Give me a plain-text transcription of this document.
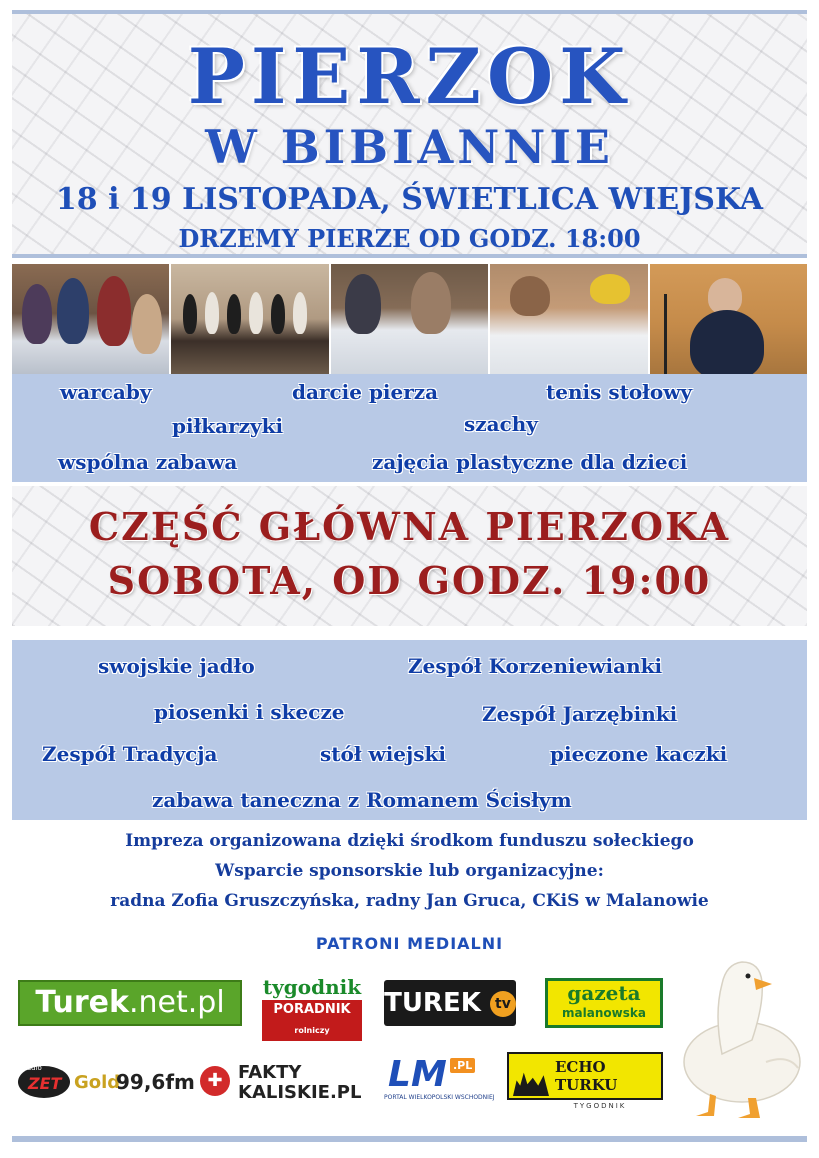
PIERZOK
W BIBIANNIE
18 i 19 LISTOPADA, ŚWIETLICA WIEJSKA
DRZEMY PIERZE OD GODZ. 18:00
warcaby	darcie pierza	tenis stołowy
piłkarzyki	szachy
wspólna zabawa	zajęcia plastyczne dla dzieci
CZĘŚĆ GŁÓWNA PIERZOKA
SOBOTA, OD GODZ. 19:00
swojskie jadło	Zespół Korzeniewianki
piosenki i skecze	Zespół Jarzębinki
Zespół Tradycja	stół wiejski	pieczone kaczki
zabawa taneczna z Romanem Ścisłym
Impreza organizowana dzięki środkom funduszu sołeckiego
Wsparcie sponsorskie lub organizacyjne:
radna Zofia Gruszczyńska, radny Jan Gruca, CKiS w Malanowie
PATRONI MEDIALNI
Turek.net.pl	tygodnik
PORADNIK rolniczy
TUREK tv	gazeta
malanowska
radio
ZET Gold
99,6fm ✚ FAKTY
KALISKIE.PL LM .PL
PORTAL WIELKOPOLSKI WSCHODNIEJ
ECHO TURKU
TYGODNIK
